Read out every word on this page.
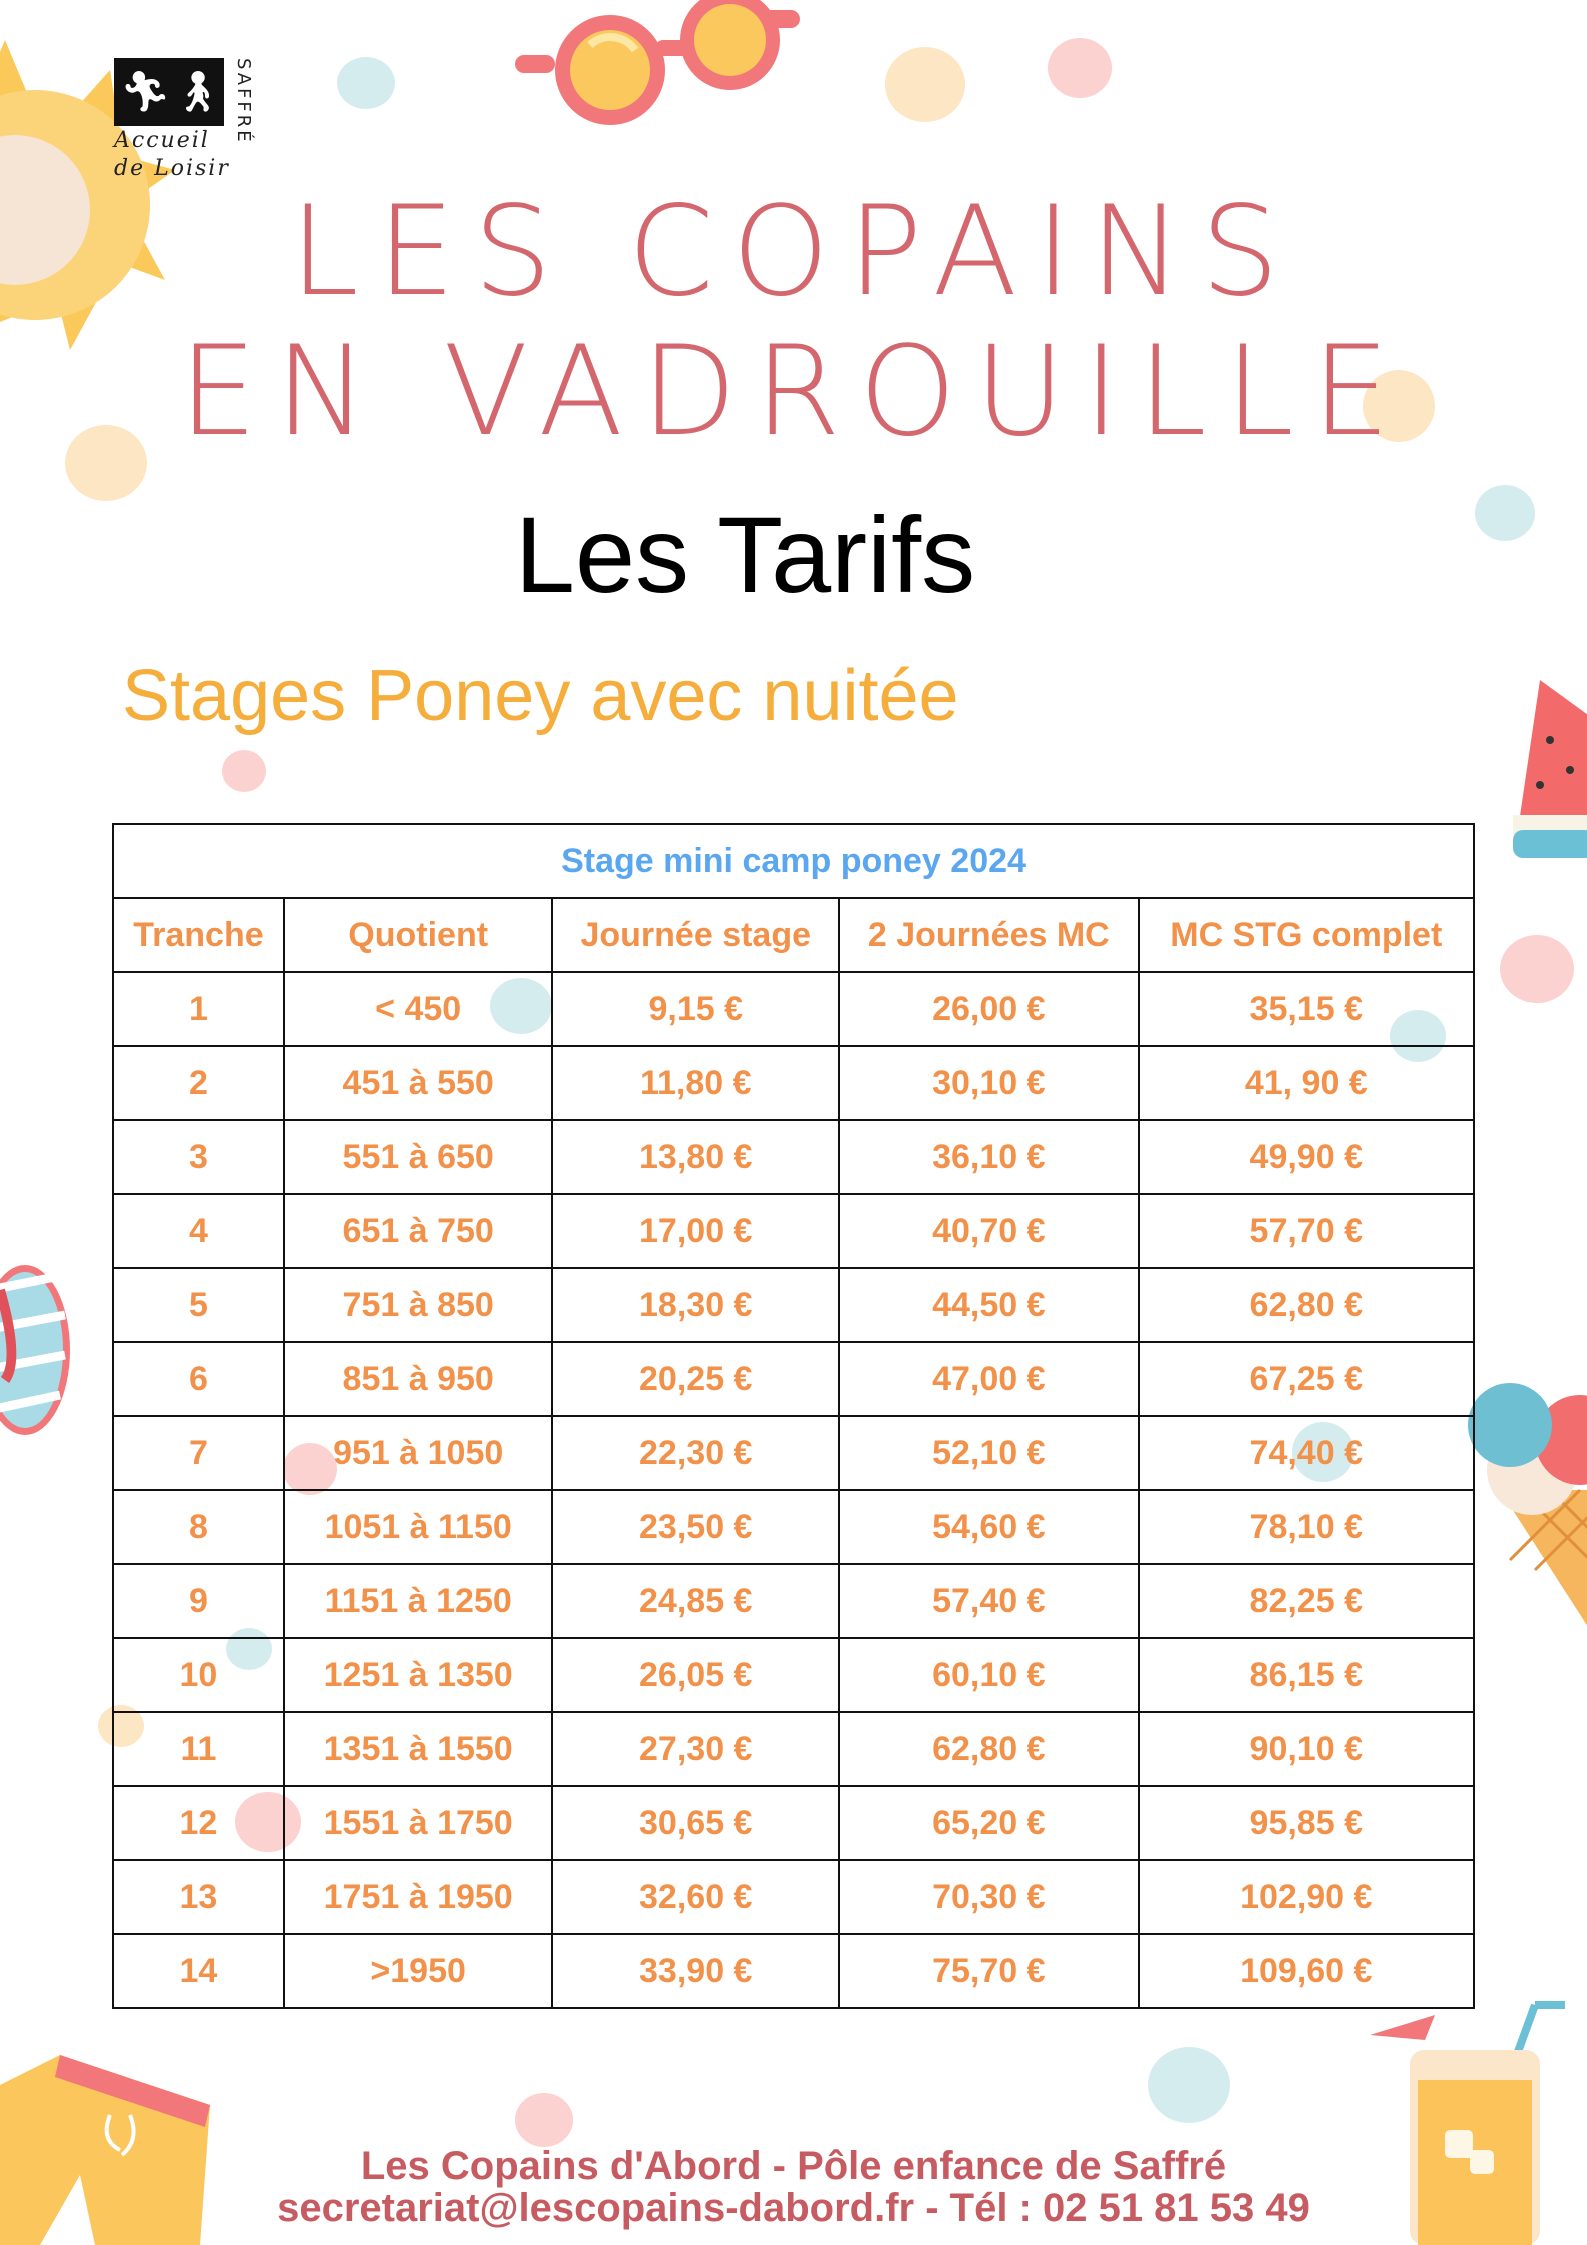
🏃︎ 🚶︎ SAFFRÉ
Accueil
de Loisir
LES COPAINS
EN VADROUILLE
Les Tarifs
Stages Poney avec nuitée
Stage mini camp poney 2024				
Tranche	Quotient	Journée stage	2 Journées MC	MC STG complet
1	< 450	9,15 €	26,00 €	35,15 €
2	451 à 550	11,80 €	30,10 €	41, 90 €
3	551 à 650	13,80 €	36,10 €	49,90 €
4	651 à 750	17,00 €	40,70 €	57,70 €
5	751 à 850	18,30 €	44,50 €	62,80 €
6	851 à 950	20,25 €	47,00 €	67,25 €
7	951 à 1050	22,30 €	52,10 €	74,40 €
8	1051 à 1150	23,50 €	54,60 €	78,10 €
9	1151 à 1250	24,85 €	57,40 €	82,25 €
10	1251 à 1350	26,05 €	60,10 €	86,15 €
11	1351 à 1550	27,30 €	62,80 €	90,10 €
12	1551 à 1750	30,65 €	65,20 €	95,85 €
13	1751 à 1950	32,60 €	70,30 €	102,90 €
14	>1950	33,90 €	75,70 €	109,60 €
Les Copains d'Abord - Pôle enfance de Saffré
secretariat@lescopains-dabord.fr - Tél : 02 51 81 53 49
